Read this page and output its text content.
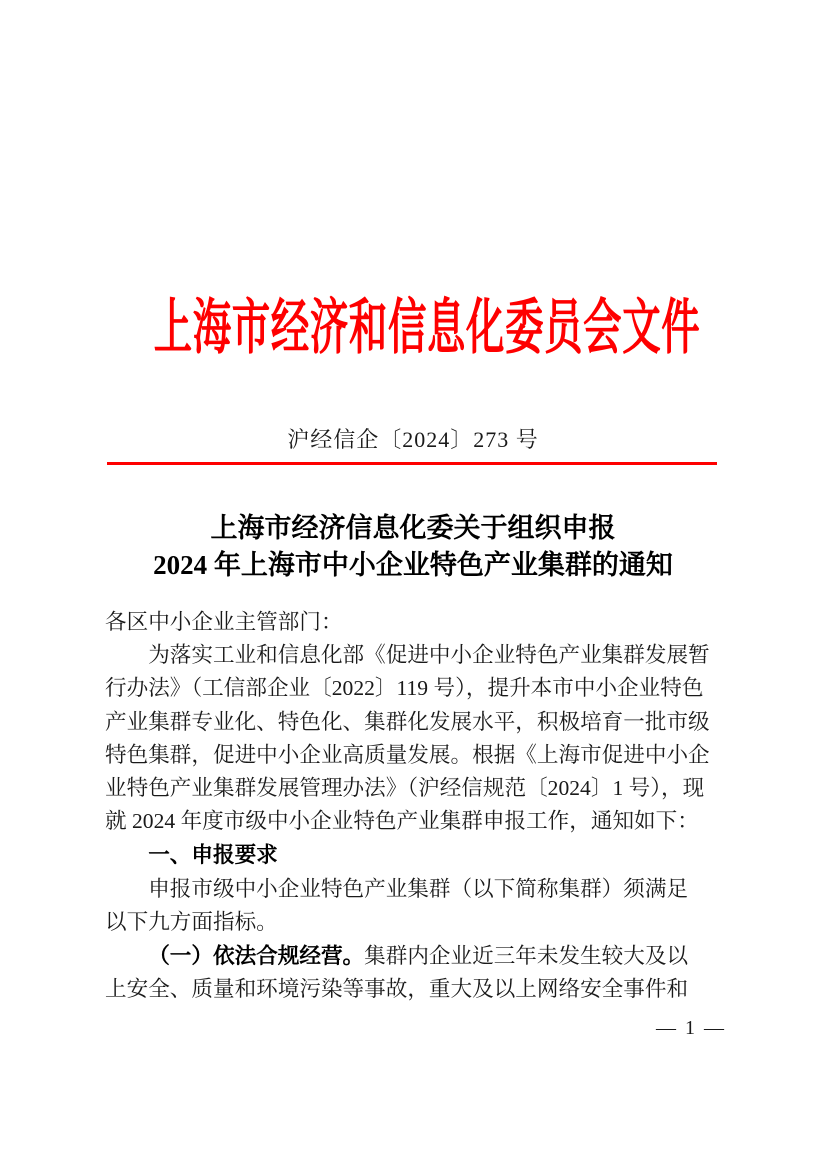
上海市经济和信息化委员会文件
沪经信企〔2024〕273 号
上海市经济信息化委关于组织申报
2024 年上海市中小企业特色产业集群的通知
各区中小企业主管部门：
为落实工业和信息化部《促进中小企业特色产业集群发展暂
行办法》（工信部企业〔2022〕119 号），提升本市中小企业特色
产业集群专业化、特色化、集群化发展水平，积极培育一批市级
特色集群，促进中小企业高质量发展。根据《上海市促进中小企
业特色产业集群发展管理办法》（沪经信规范〔2024〕1 号），现
就 2024 年度市级中小企业特色产业集群申报工作，通知如下：
一、申报要求
申报市级中小企业特色产业集群（以下简称集群）须满足
以下九方面指标。
（一）依法合规经营。集群内企业近三年未发生较大及以
上安全、质量和环境污染等事故，重大及以上网络安全事件和
— 1 —
